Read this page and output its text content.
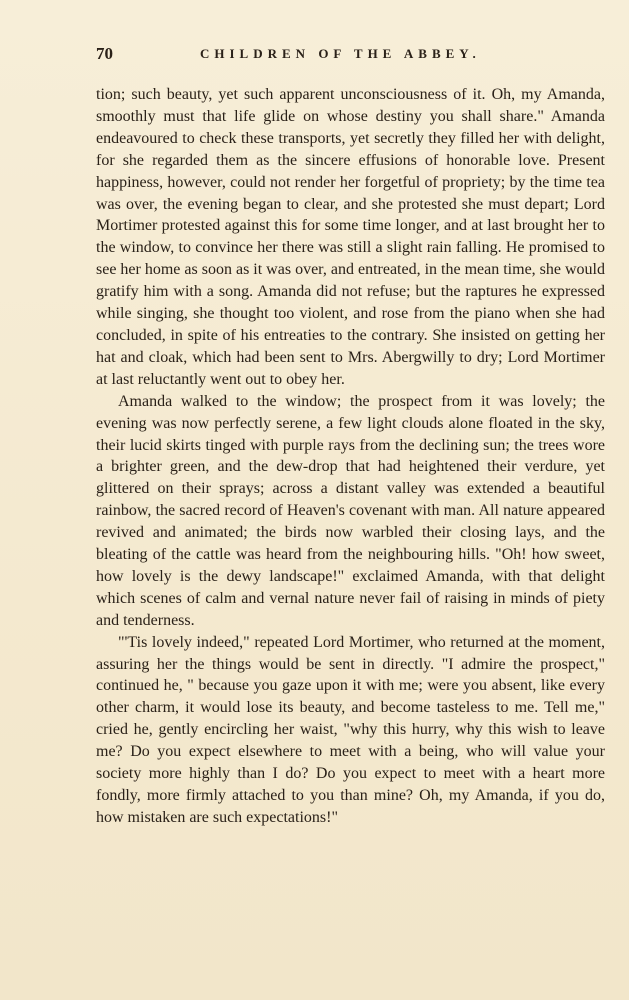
70	CHILDREN OF THE ABBEY.

tion; such beauty, yet such apparent unconsciousness of it. Oh, my Amanda, smoothly must that life glide on whose destiny you shall share." Amanda endeavoured to check these transports, yet secretly they filled her with delight, for she regarded them as the sincere effusions of honorable love. Present happiness, however, could not render her forgetful of propriety; by the time tea was over, the evening began to clear, and she protested she must depart; Lord Mortimer protested against this for some time longer, and at last brought her to the window, to convince her there was still a slight rain falling. He promised to see her home as soon as it was over, and entreated, in the mean time, she would gratify him with a song. Amanda did not refuse; but the raptures he expressed while singing, she thought too violent, and rose from the piano when she had concluded, in spite of his entreaties to the contrary. She insisted on getting her hat and cloak, which had been sent to Mrs. Abergwilly to dry; Lord Mortimer at last reluctantly went out to obey her.

Amanda walked to the window; the prospect from it was lovely; the evening was now perfectly serene, a few light clouds alone floated in the sky, their lucid skirts tinged with purple rays from the declining sun; the trees wore a brighter green, and the dew-drop that had heightened their verdure, yet glittered on their sprays; across a distant valley was extended a beautiful rainbow, the sacred record of Heaven's covenant with man. All nature appeared revived and animated; the birds now warbled their closing lays, and the bleating of the cattle was heard from the neighbouring hills. "Oh! how sweet, how lovely is the dewy landscape!" exclaimed Amanda, with that delight which scenes of calm and vernal nature never fail of raising in minds of piety and tenderness.

"'Tis lovely indeed," repeated Lord Mortimer, who returned at the moment, assuring her the things would be sent in directly. "I admire the prospect," continued he, " because you gaze upon it with me; were you absent, like every other charm, it would lose its beauty, and become tasteless to me. Tell me," cried he, gently encircling her waist, "why this hurry, why this wish to leave me? Do you expect elsewhere to meet with a being, who will value your society more highly than I do? Do you expect to meet with a heart more fondly, more firmly attached to you than mine? Oh, my Amanda, if you do, how mistaken are such expectations!"
